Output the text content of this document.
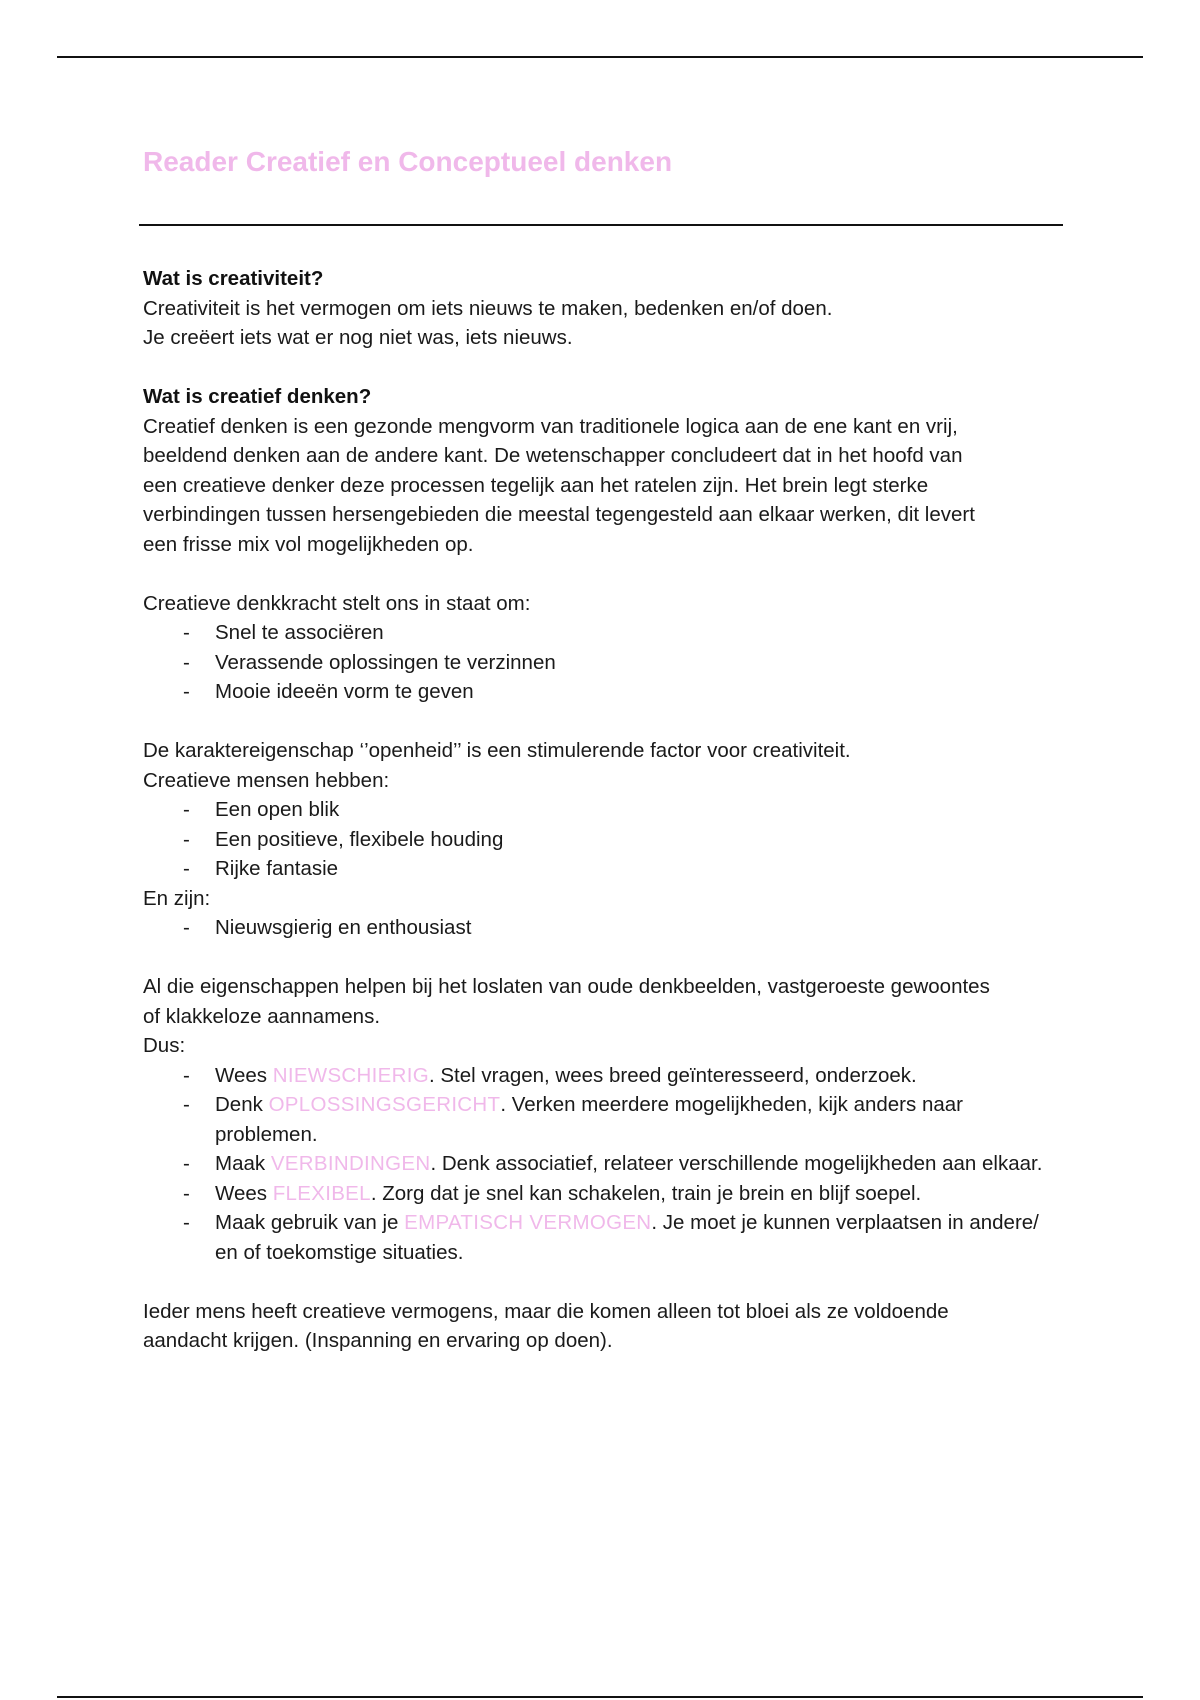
Reader Creatief en Conceptueel denken
Wat is creativiteit?
Creativiteit is het vermogen om iets nieuws te maken, bedenken en/of doen.
Je creëert iets wat er nog niet was, iets nieuws.
Wat is creatief denken?
Creatief denken is een gezonde mengvorm van traditionele logica aan de ene kant en vrij,
beeldend denken aan de andere kant. De wetenschapper concludeert dat in het hoofd van
een creatieve denker deze processen tegelijk aan het ratelen zijn. Het brein legt sterke
verbindingen tussen hersengebieden die meestal tegengesteld aan elkaar werken, dit levert
een frisse mix vol mogelijkheden op.
Creatieve denkkracht stelt ons in staat om:
- Snel te associëren
- Verassende oplossingen te verzinnen
- Mooie ideeën vorm te geven
De karaktereigenschap ‘’openheid’’ is een stimulerende factor voor creativiteit.
Creatieve mensen hebben:
- Een open blik
- Een positieve, flexibele houding
- Rijke fantasie
En zijn:
- Nieuwsgierig en enthousiast
Al die eigenschappen helpen bij het loslaten van oude denkbeelden, vastgeroeste gewoontes
of klakkeloze aannamens.
Dus:
- Wees NIEWSCHIERIG. Stel vragen, wees breed geïnteresseerd, onderzoek.
- Denk OPLOSSINGSGERICHT. Verken meerdere mogelijkheden, kijk anders naar problemen.
- Maak VERBINDINGEN. Denk associatief, relateer verschillende mogelijkheden aan elkaar.
- Wees FLEXIBEL. Zorg dat je snel kan schakelen, train je brein en blijf soepel.
- Maak gebruik van je EMPATISCH VERMOGEN. Je moet je kunnen verplaatsen in andere/ en of toekomstige situaties.
Ieder mens heeft creatieve vermogens, maar die komen alleen tot bloei als ze voldoende
aandacht krijgen. (Inspanning en ervaring op doen).
